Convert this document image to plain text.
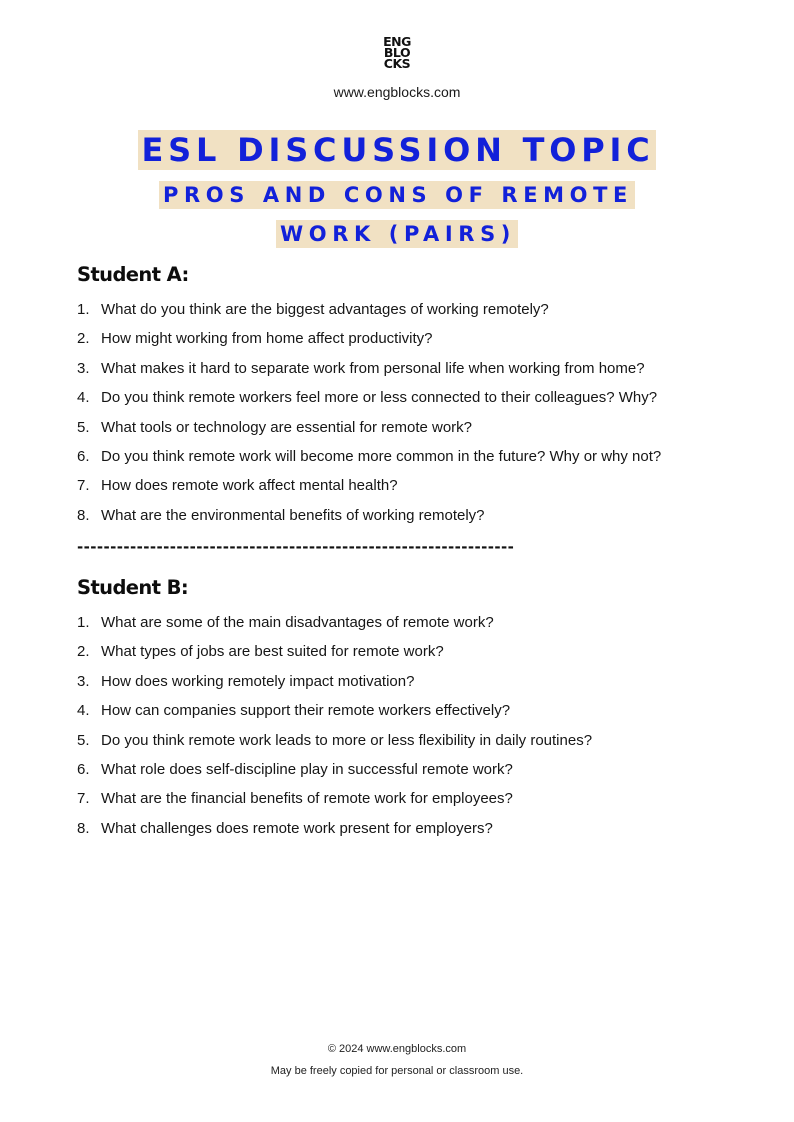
ENG
BLO
CKS
www.engblocks.com
ESL DISCUSSION TOPIC
PROS AND CONS OF REMOTE WORK (PAIRS)
Student A:
1. What do you think are the biggest advantages of working remotely?
2. How might working from home affect productivity?
3. What makes it hard to separate work from personal life when working from home?
4. Do you think remote workers feel more or less connected to their colleagues? Why?
5. What tools or technology are essential for remote work?
6. Do you think remote work will become more common in the future? Why or why not?
7. How does remote work affect mental health?
8. What are the environmental benefits of working remotely?
------------------------------------------------------------------
Student B:
1. What are some of the main disadvantages of remote work?
2. What types of jobs are best suited for remote work?
3. How does working remotely impact motivation?
4. How can companies support their remote workers effectively?
5. Do you think remote work leads to more or less flexibility in daily routines?
6. What role does self-discipline play in successful remote work?
7. What are the financial benefits of remote work for employees?
8. What challenges does remote work present for employers?
© 2024 www.engblocks.com
May be freely copied for personal or classroom use.
